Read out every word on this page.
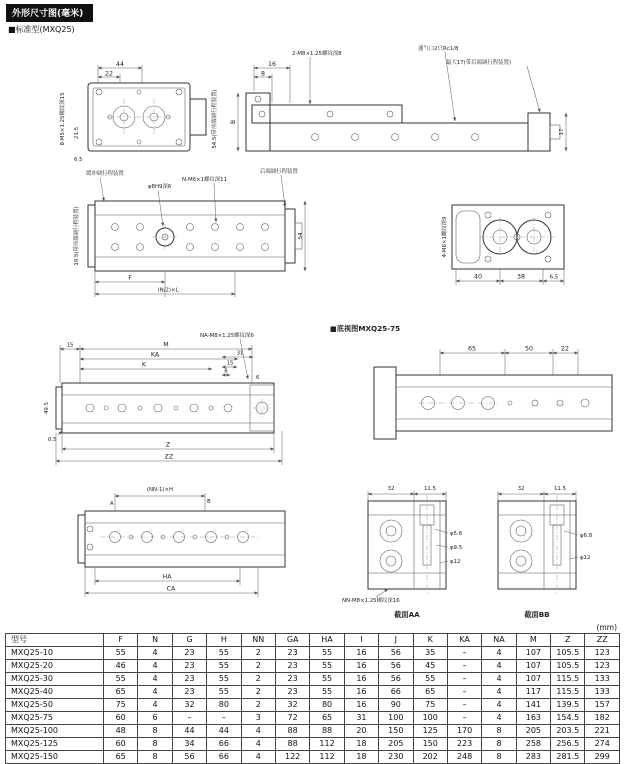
外形尺寸图(毫米)
■标准型(MXQ25)
44
22
8-M5×1.25螺纹深15 21.5
6.5
54.5(带前端调行程装置)
16
8
B
17
2-M8×1.25螺纹深8
通气口2只Rc1/8
最大17(带后端调行程装置)
缓冲调行程装置
φ8H9深6
N-M6×1螺纹深11
后端调行程装置
19.5(带前端调行程装置)	54
F
(N/2)×L
4-M6×1螺纹深9
40	38	6.5
■底视图MXQ25-75
NA-M8×1.25螺纹深6
15	M
KA	31
K	15
8
6
49.5
0.5
Z
ZZ
65	50	22
(NN-1)×H
A	B
HA
CA
32	11.5
φ5.6
φ9.5
φ12
NN-M8×1.25螺纹深16
截面AA
32	11.5
φ6.8
φ12
截面BB
(mm)
型号	F	N	G	H	NN	GA	HA	I	J	K	KA	NA	M	Z	ZZ
MXQ25-10	55	4	23	55	2	23	55	16	56	35	–	4	107	105.5	123
MXQ25-20	46	4	23	55	2	23	55	16	56	45	–	4	107	105.5	123
MXQ25-30	55	4	23	55	2	23	55	16	56	55	–	4	107	115.5	133
MXQ25-40	65	4	23	55	2	23	55	16	66	65	–	4	117	115.5	133
MXQ25-50	75	4	32	80	2	32	80	16	90	75	–	4	141	139.5	157
MXQ25-75	60	6	–	–	3	72	65	31	100	100	–	4	163	154.5	182
MXQ25-100	48	8	44	44	4	88	88	20	150	125	170	8	205	203.5	221
MXQ25-125	60	8	34	66	4	88	112	18	205	150	223	8	258	256.5	274
MXQ25-150	65	8	56	66	4	122	112	18	230	202	248	8	283	281.5	299
